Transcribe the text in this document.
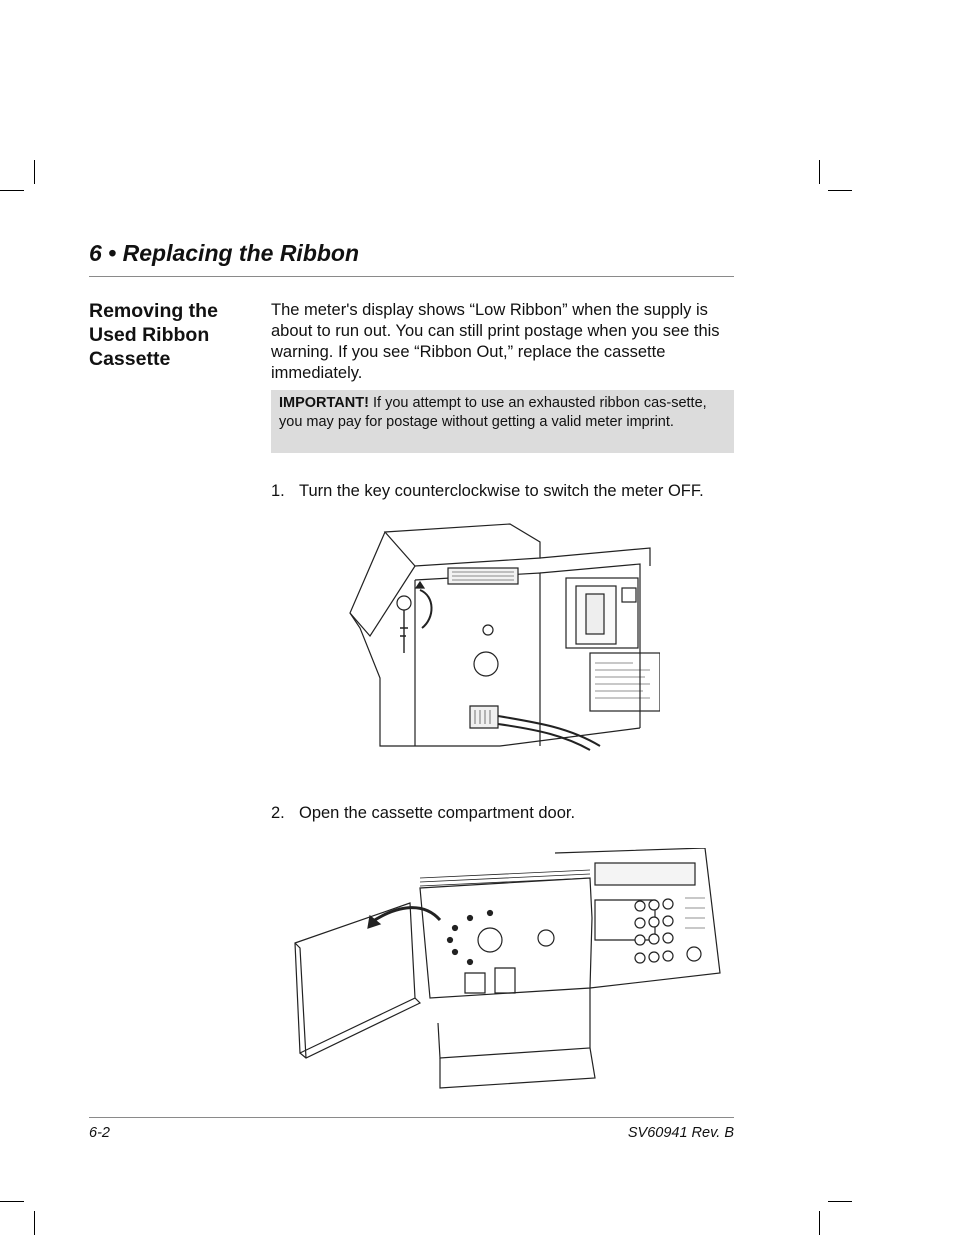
6 • Replacing the Ribbon
Removing the Used Ribbon Cassette
The meter's display shows “Low Ribbon” when the supply is about to run out. You can still print postage when you see this warning. If you see “Ribbon Out,” replace the cassette immediately.
IMPORTANT! If you attempt to use an exhausted ribbon cas-sette, you may pay for postage without getting a valid meter imprint.
1. Turn the key counterclockwise to switch the meter OFF.
2. Open the cassette compartment door.
6-2	SV60941 Rev. B
